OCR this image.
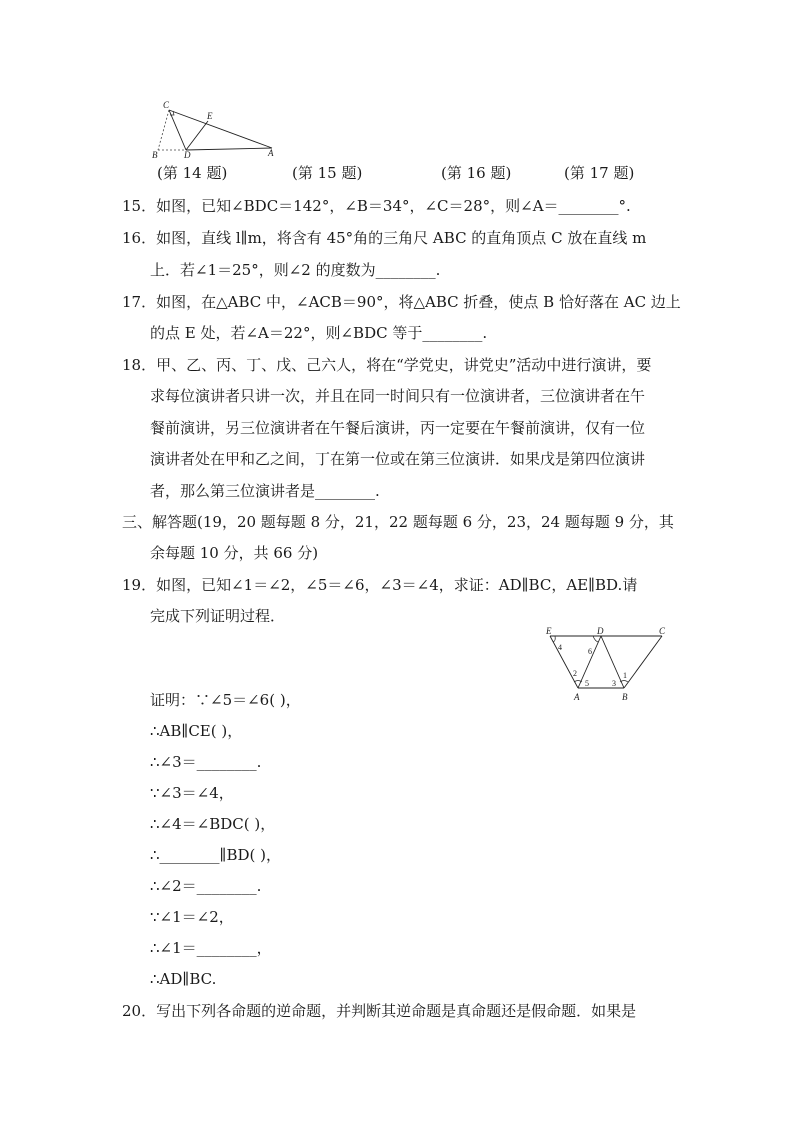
C
E
D
B	A
(第 14 题)	(第 15 题)	(第 16 题)	(第 17 题)
15．如图，已知∠BDC＝142°，∠B＝34°，∠C＝28°，则∠A＝________°.
16．如图，直线 l∥m，将含有 45°角的三角尺 ABC 的直角顶点 C 放在直线 m
上．若∠1＝25°，则∠2 的度数为________.
17．如图，在△ABC 中，∠ACB＝90°，将△ABC 折叠，使点 B 恰好落在 AC 边上
的点 E 处，若∠A＝22°，则∠BDC 等于________.
18．甲、乙、丙、丁、戊、己六人，将在“学党史，讲党史”活动中进行演讲，要
求每位演讲者只讲一次，并且在同一时间只有一位演讲者，三位演讲者在午
餐前演讲，另三位演讲者在午餐后演讲，丙一定要在午餐前演讲，仅有一位
演讲者处在甲和乙之间，丁在第一位或在第三位演讲．如果戊是第四位演讲
者，那么第三位演讲者是________.
三、解答题(19，20 题每题 8 分，21，22 题每题 6 分，23，24 题每题 9 分，其
余每题 10 分，共 66 分)
19．如图，已知∠1＝∠2，∠5＝∠6，∠3＝∠4，求证：AD∥BC，AE∥BD.请
完成下列证明过程．
E	D	C
A	B
4	6
2
5	3
1
证明：∵∠5＝∠6( )，
∴AB∥CE( )，
∴∠3＝________.
∵∠3＝∠4，
∴∠4＝∠BDC( )，
∴________∥BD( )，
∴∠2＝________.
∵∠1＝∠2，
∴∠1＝________，
∴AD∥BC.
20．写出下列各命题的逆命题，并判断其逆命题是真命题还是假命题．如果是
